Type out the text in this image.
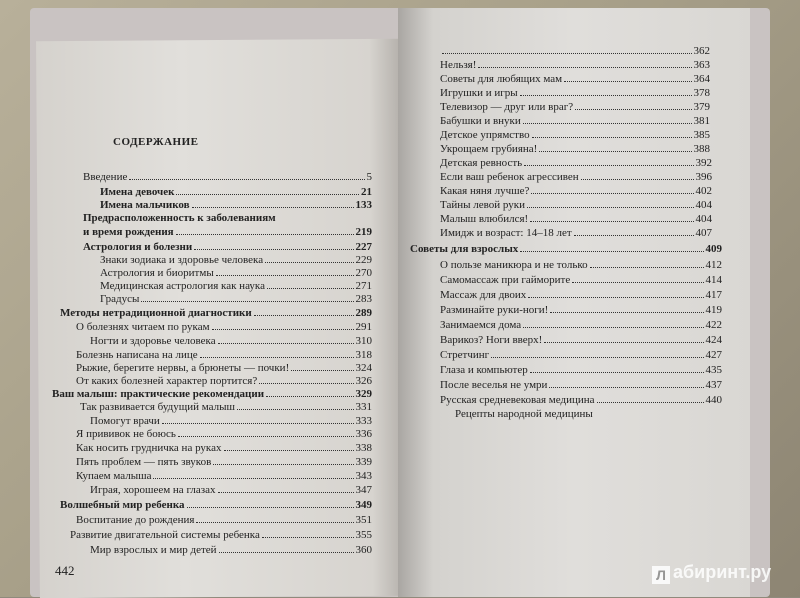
СОДЕРЖАНИЕ
Введение	5
Имена девочек	21
Имена мальчиков	133
Предрасположенность к заболеваниям
и время рождения	219
Астрология и болезни	227
Знаки зодиака и здоровье человека	229
Астрология и биоритмы	270
Медицинская астрология как наука	271
Градусы	283
Методы нетрадиционной диагностики	289
О болезнях читаем по рукам	291
Ногти и здоровье человека	310
Болезнь написана на лице	318
Рыжие, берегите нервы, а брюнеты — почки!	324
От каких болезней характер портится?	326
Ваш малыш: практические рекомендации	329
Так развивается будущий малыш	331
Помогут врачи	333
Я прививок не боюсь	336
Как носить грудничка на руках	338
Пять проблем — пять звуков	339
Купаем малыша	343
Играя, хорошеем на глазах	347
Волшебный мир ребенка	349
Воспитание до рождения	351
Развитие двигательной системы ребенка	355
Мир взрослых и мир детей	360
362
Нельзя!	363
Советы для любящих мам	364
Игрушки и игры	378
Телевизор — друг или враг?	379
Бабушки и внуки	381
Детское упрямство	385
Укрощаем грубияна!	388
Детская ревность	392
Если ваш ребенок агрессивен	396
Какая няня лучше?	402
Тайны левой руки	404
Малыш влюбился!	404
Имидж и возраст: 14–18 лет	407
Советы для взрослых	409
О пользе маникюра и не только	412
Самомассаж при гайморите	414
Массаж для двоих	417
Разминайте руки-ноги!	419
Занимаемся дома	422
Варикоз? Ноги вверх!	424
Стретчинг	427
Глаза и компьютер	435
После веселья не умри	437
Русская средневековая медицина	440
Рецепты народной медицины
442	Л абиринт.ру
